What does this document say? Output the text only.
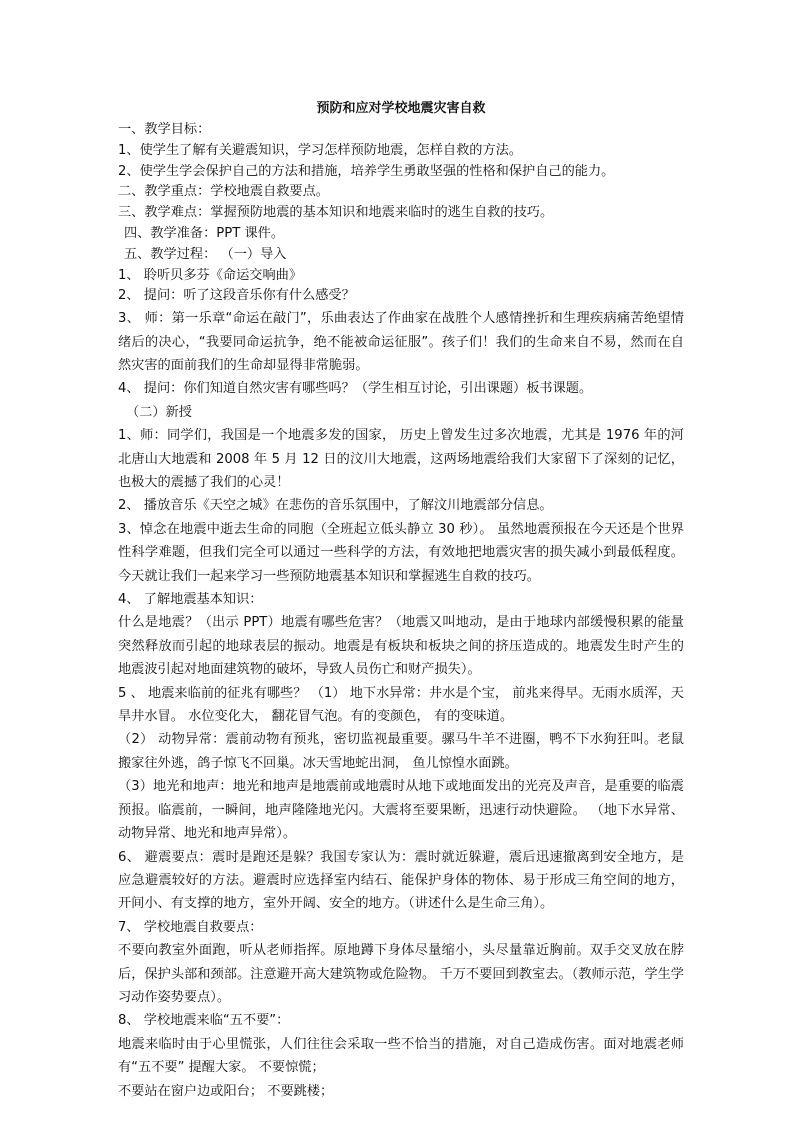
预防和应对学校地震灾害自救

一、教学目标：

1、使学生了解有关避震知识，学习怎样预防地震，怎样自救的方法。

2、使学生学会保护自己的方法和措施，培养学生勇敢坚强的性格和保护自己的能力。

二、教学重点：学校地震自救要点。

三、教学难点：掌握预防地震的基本知识和地震来临时的逃生自救的技巧。

四、教学准备：PPT 课件。

五、教学过程： （一）导入

1、 聆听贝多芬《命运交响曲》

2、 提问：听了这段音乐你有什么感受？

3、 师：第一乐章“命运在敲门”，乐曲表达了作曲家在战胜个人感情挫折和生理疾病痛苦绝望情绪后的决心，“我要同命运抗争，绝不能被命运征服”。孩子们！我们的生命来自不易，然而在自然灾害的面前我们的生命却显得非常脆弱。

4、 提问：你们知道自然灾害有哪些吗？（学生相互讨论，引出课题）板书课题。

（二）新授

1、师：同学们，我国是一个地震多发的国家， 历史上曾发生过多次地震，尤其是 1976 年的河北唐山大地震和 2008 年 5 月 12 日的汶川大地震，这两场地震给我们大家留下了深刻的记忆，也极大的震撼了我们的心灵！

2、 播放音乐《天空之城》在悲伤的音乐氛围中，了解汶川地震部分信息。

3、悼念在地震中逝去生命的同胞（全班起立低头静立 30 秒）。 虽然地震预报在今天还是个世界性科学难题，但我们完全可以通过一些科学的方法，有效地把地震灾害的损失减小到最低程度。今天就让我们一起来学习一些预防地震基本知识和掌握逃生自救的技巧。

4、 了解地震基本知识：

什么是地震？（出示 PPT）地震有哪些危害？（地震又叫地动，是由于地球内部缓慢积累的能量突然释放而引起的地球表层的振动。地震是有板块和板块之间的挤压造成的。地震发生时产生的地震波引起对地面建筑物的破坏，导致人员伤亡和财产损失）。

5 、 地震来临前的征兆有哪些？ （1） 地下水异常：井水是个宝， 前兆来得早。无雨水质浑，天旱井水冒。 水位变化大， 翻花冒气泡。有的变颜色， 有的变味道。

（2） 动物异常：震前动物有预兆，密切监视最重要。骡马牛羊不进圈，鸭不下水狗狂叫。老鼠搬家往外逃，鸽子惊飞不回巢。冰天雪地蛇出洞， 鱼儿惊惶水面跳。

（3）地光和地声：地光和地声是地震前或地震时从地下或地面发出的光亮及声音，是重要的临震预报。临震前，一瞬间，地声隆隆地光闪。大震将至要果断，迅速行动快避险。 （地下水异常、动物异常、地光和地声异常）。

6、 避震要点：震时是跑还是躲？我国专家认为：震时就近躲避，震后迅速撤离到安全地方，是应急避震较好的方法。避震时应选择室内结石、能保护身体的物体、易于形成三角空间的地方，开间小、有支撑的地方，室外开阔、安全的地方。（讲述什么是生命三角）。

7、 学校地震自救要点：

不要向教室外面跑，听从老师指挥。原地蹲下身体尽量缩小，头尽量靠近胸前。双手交叉放在脖后，保护头部和颈部。注意避开高大建筑物或危险物。 千万不要回到教室去。（教师示范，学生学习动作姿势要点）。

8、 学校地震来临“五不要”：

地震来临时由于心里慌张，人们往往会采取一些不恰当的措施，对自己造成伤害。面对地震老师有“五不要” 提醒大家。 不要惊慌；

不要站在窗户边或阳台； 不要跳楼；
